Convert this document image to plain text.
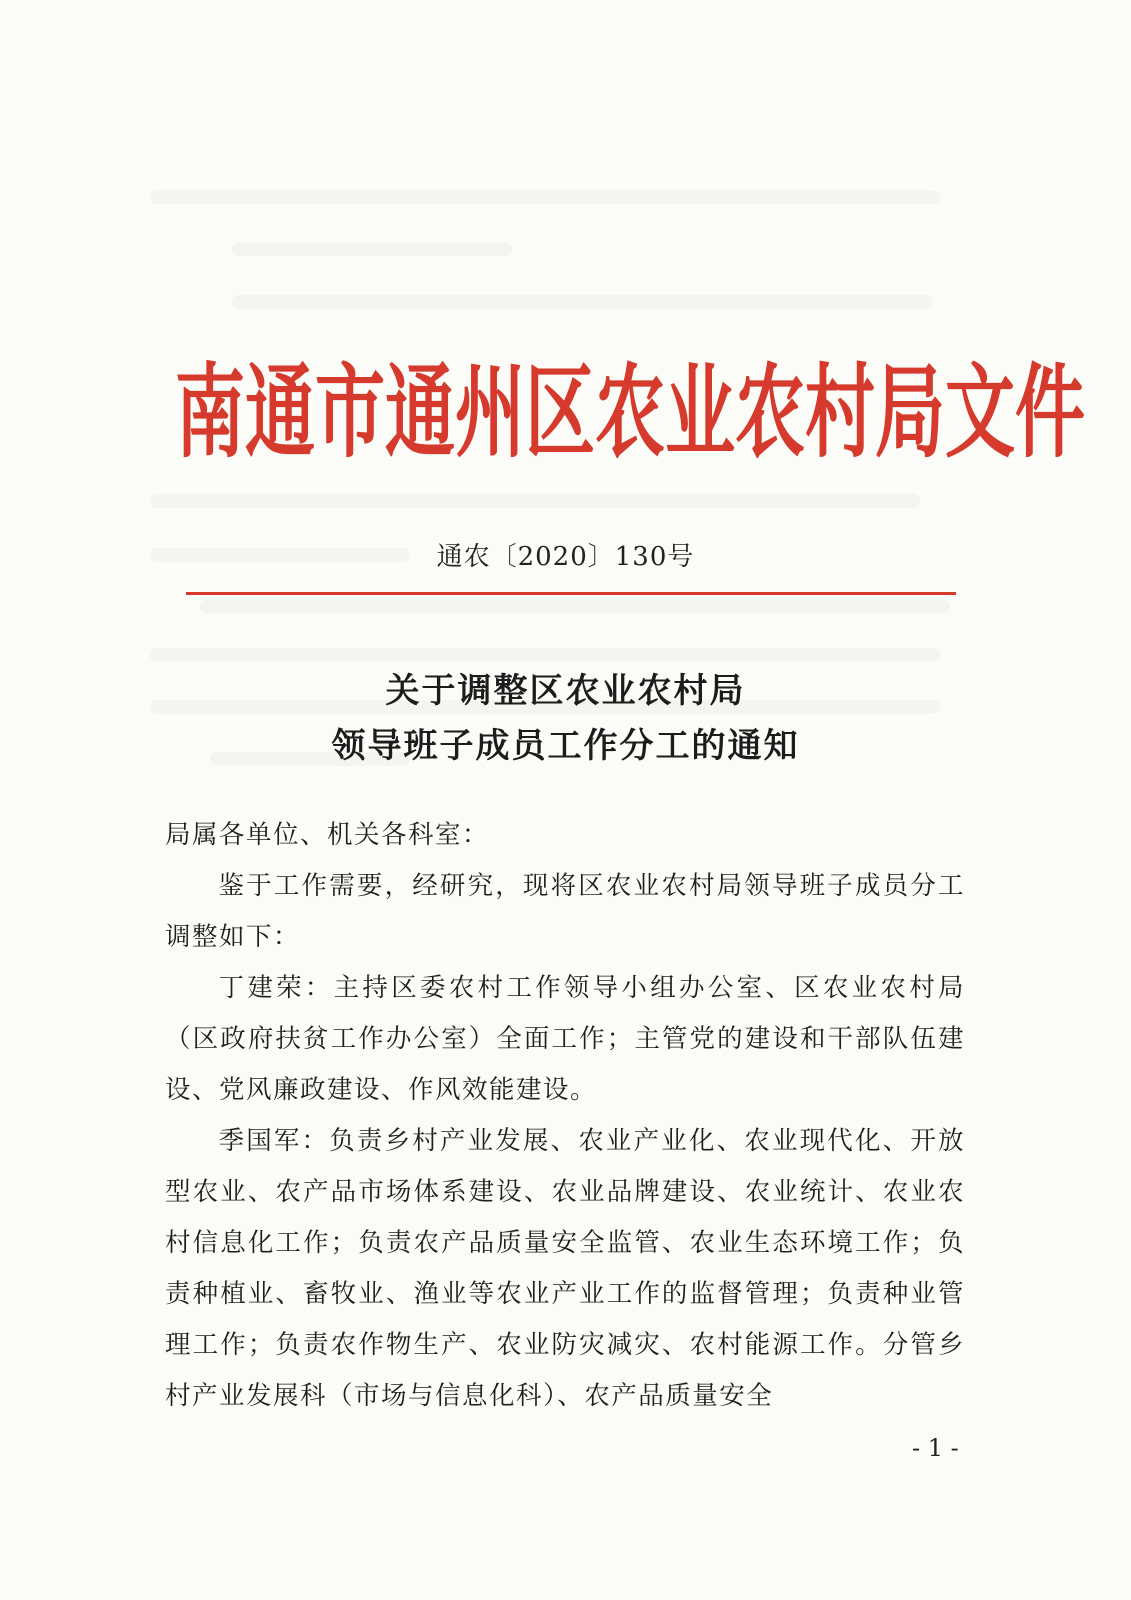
南通市通州区农业农村局文件
通农〔2020〕130号
关于调整区农业农村局
领导班子成员工作分工的通知

局属各单位、机关各科室：

鉴于工作需要，经研究，现将区农业农村局领导班子成员分工调整如下：

丁建荣：主持区委农村工作领导小组办公室、区农业农村局（区政府扶贫工作办公室）全面工作；主管党的建设和干部队伍建设、党风廉政建设、作风效能建设。

季国军：负责乡村产业发展、农业产业化、农业现代化、开放型农业、农产品市场体系建设、农业品牌建设、农业统计、农业农村信息化工作；负责农产品质量安全监管、农业生态环境工作；负责种植业、畜牧业、渔业等农业产业工作的监督管理；负责种业管理工作；负责农作物生产、农业防灾减灾、农村能源工作。分管乡村产业发展科（市场与信息化科）、农产品质量安全

- 1 -
